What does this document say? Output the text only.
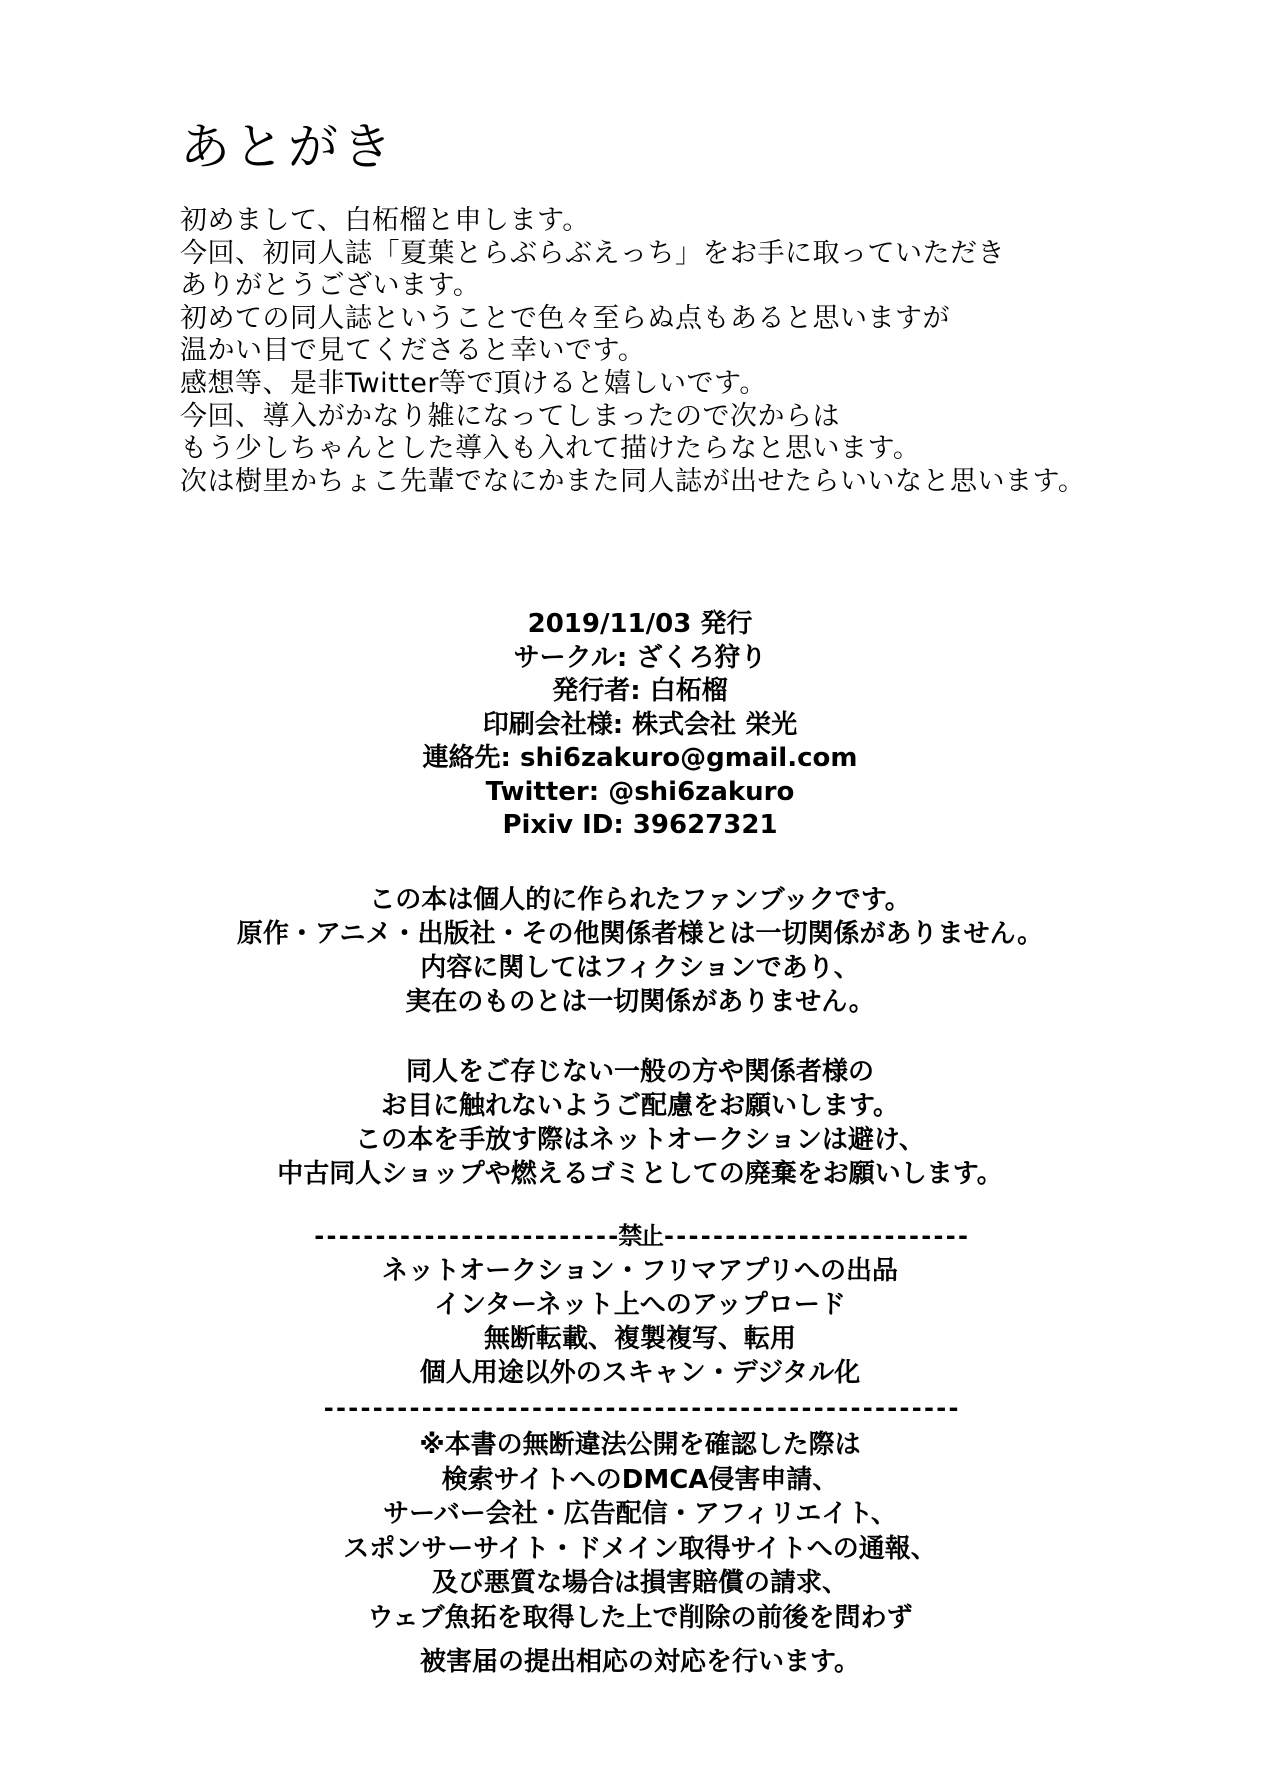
あとがき
初めまして、白柘榴と申します。
今回、初同人誌「夏葉とらぶらぶえっち」をお手に取っていただき
ありがとうございます。
初めての同人誌ということで色々至らぬ点もあると思いますが
温かい目で見てくださると幸いです。
感想等、是非Twitter等で頂けると嬉しいです。
今回、導入がかなり雑になってしまったので次からは
もう少しちゃんとした導入も入れて描けたらなと思います。
次は樹里かちょこ先輩でなにかまた同人誌が出せたらいいなと思います。
2019/11/03 発行
サークル: ざくろ狩り
発行者: 白柘榴
印刷会社様: 株式会社 栄光
連絡先: shi6zakuro@gmail.com
Twitter: @shi6zakuro
Pixiv ID: 39627321
この本は個人的に作られたファンブックです。
原作・アニメ・出版社・その他関係者様とは一切関係がありません。
内容に関してはフィクションであり、
実在のものとは一切関係がありません。
同人をご存じない一般の方や関係者様の
お目に触れないようご配慮をお願いします。
この本を手放す際はネットオークションは避け、
中古同人ショップや燃えるゴミとしての廃棄をお願いします。
-------------------------禁止-------------------------
ネットオークション・フリマアプリへの出品
インターネット上へのアップロード
無断転載、複製複写、転用
個人用途以外のスキャン・デジタル化
----------------------------------------------------
※本書の無断違法公開を確認した際は
検索サイトへのDMCA侵害申請、
サーバー会社・広告配信・アフィリエイト、
スポンサーサイト・ドメイン取得サイトへの通報、
及び悪質な場合は損害賠償の請求、
ウェブ魚拓を取得した上で削除の前後を問わず
被害届の提出相応の対応を行います。
